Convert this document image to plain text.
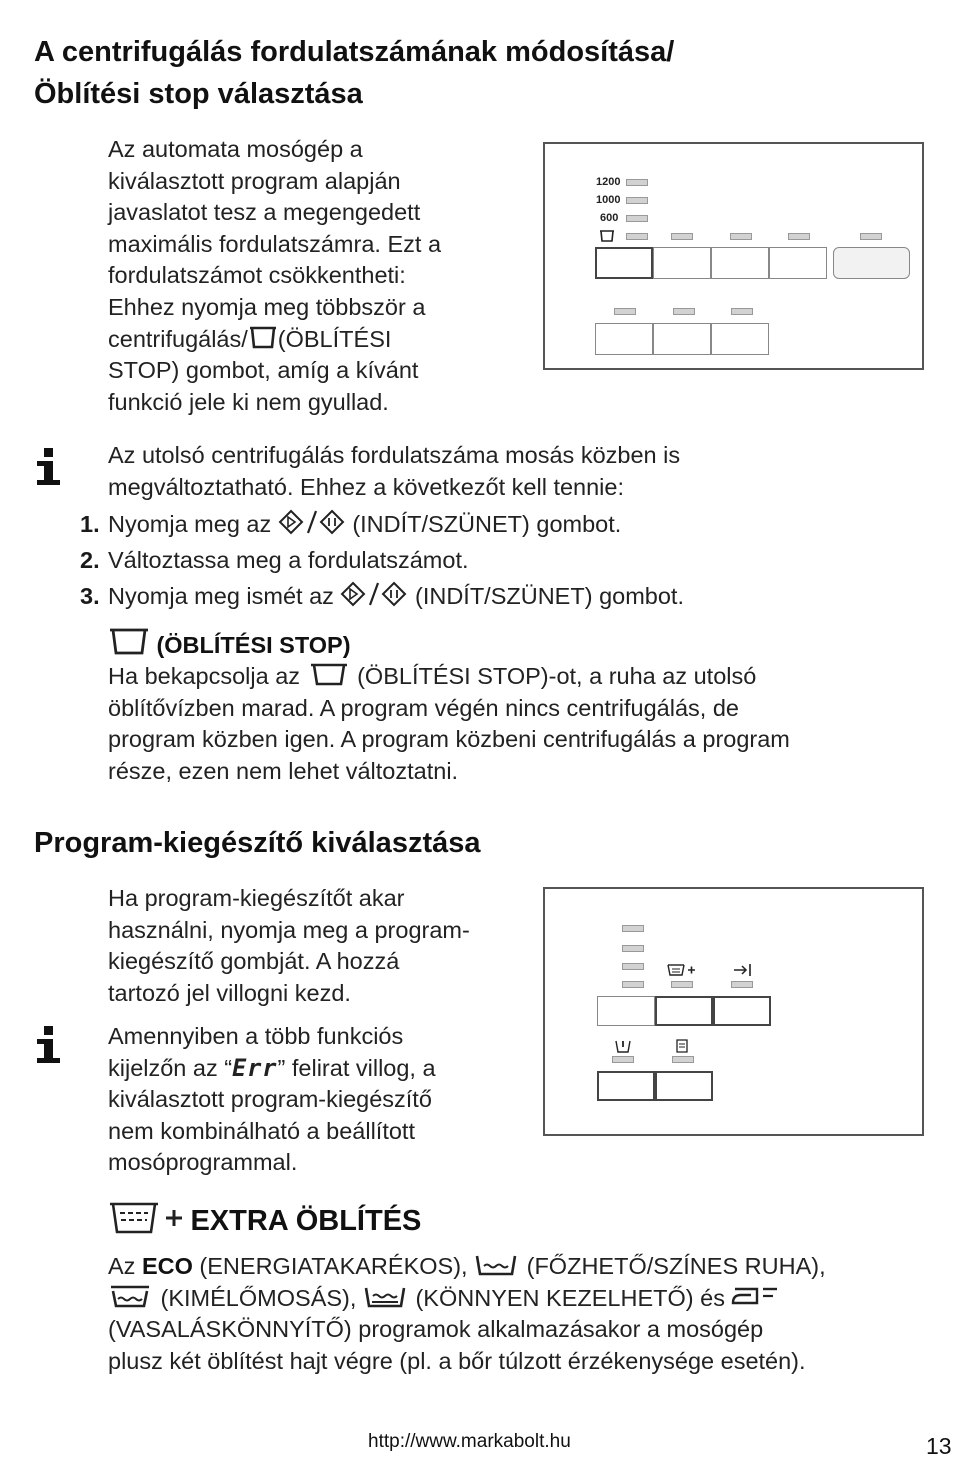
A centrifugálás fordulatszámának módosítása/
Öblítési stop választása
Az automata mosógép a
kiválasztott program alapján
javaslatot tesz a megengedett
maximális fordulatszámra. Ezt a
fordulatszámot csökkentheti:
Ehhez nyomja meg többször a
centrifugálás/ (ÖBLÍTÉSI
STOP) gombot, amíg a kívánt
funkció jele ki nem gyullad.
1200
1000
600
Az utolsó centrifugálás fordulatszáma mosás közben is
megváltoztatható. Ehhez a következőt kell tennie:
1. Nyomja meg az	(INDÍT/SZÜNET) gombot.
2. Változtassa meg a fordulatszámot.
3. Nyomja meg ismét az	(INDÍT/SZÜNET) gombot.
(ÖBLÍTÉSI STOP)
Ha bekapcsolja az (ÖBLÍTÉSI STOP)-ot, a ruha az utolsó
öblítővízben marad. A program végén nincs centrifugálás, de
program közben igen. A program közbeni centrifugálás a program
része, ezen nem lehet változtatni.
Program-kiegészítő kiválasztása
Ha program-kiegészítőt akar
használni, nyomja meg a program-
kiegészítő gombját. A hozzá
tartozó jel villogni kezd.
Amennyiben a több funkciós
kijelzőn az “Err” felirat villog, a
kiválasztott program-kiegészítő
nem kombinálható a beállított
mosóprogrammal.
EXTRA ÖBLÍTÉS
Az ECO (ENERGIATAKARÉKOS),	(FŐZHETŐ/SZÍNES RUHA),
(KIMÉLŐMOSÁS),	(KÖNNYEN KEZELHETŐ) és
(VASALÁSKÖNNYÍTŐ) programok alkalmazásakor a mosógép
plusz két öblítést hajt végre (pl. a bőr túlzott érzékenysége esetén).
http://www.markabolt.hu	13
